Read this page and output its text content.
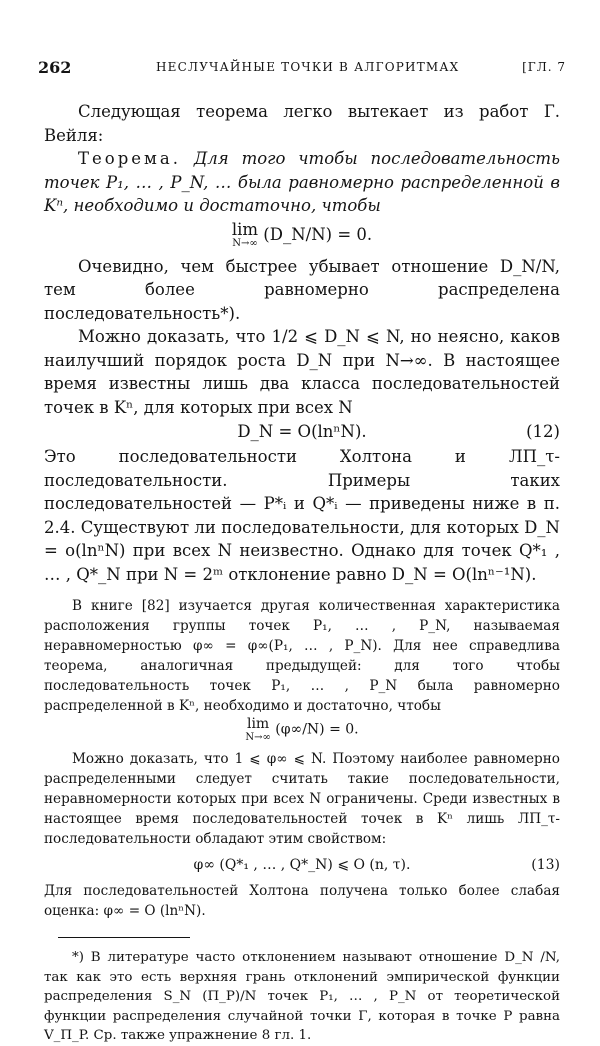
262	НЕСЛУЧАЙНЫЕ ТОЧКИ В АЛГОРИТМАХ	[ГЛ. 7

Следующая теорема легко вытекает из работ Г. Вейля:

Теорема. Для того чтобы последовательность точек P₁, … , P_N, … была равномерно распределенной в Kⁿ, необходимо и достаточно, чтобы

lim
N→∞ (D_N/N) = 0.

Очевидно, чем быстрее убывает отношение D_N/N, тем более равномерно распределена последовательность*).

Можно доказать, что 1/2 ⩽ D_N ⩽ N, но неясно, каков наилучший порядок роста D_N при N→∞. В настоящее время известны лишь два класса последовательностей точек в Kⁿ, для которых при всех N

D_N = O(lnⁿN).	(12)

Это последовательности Холтона и ЛП_τ-последовательности. Примеры таких последовательностей — P*ᵢ и Q*ᵢ — приведены ниже в п. 2.4. Существуют ли последовательности, для которых D_N = o(lnⁿN) при всех N неизвестно. Однако для точек Q*₁ , … , Q*_N при N = 2ᵐ отклонение равно D_N = O(lnⁿ⁻¹N).

В книге [82] изучается другая количественная характеристика расположения группы точек P₁, … , P_N, называемая неравномерностью φ∞ = φ∞(P₁, … , P_N). Для нее справедлива теорема, аналогичная предыдущей: для того чтобы последовательность точек P₁, … , P_N была равномерно распределенной в Kⁿ, необходимо и достаточно, чтобы

lim
N→∞ (φ∞/N) = 0.

Можно доказать, что 1 ⩽ φ∞ ⩽ N. Поэтому наиболее равномерно распределенными следует считать такие последовательности, неравномерности которых при всех N ограничены. Среди известных в настоящее время последовательностей точек в Kⁿ лишь ЛП_τ-последовательности обладают этим свойством:

φ∞ (Q*₁ , … , Q*_N) ⩽ O (n, τ).	(13)

Для последовательностей Холтона получена только более слабая оценка: φ∞ = O (lnⁿN).

*) В литературе часто отклонением называют отношение D_N /N, так как это есть верхняя грань отклонений эмпирической функции распределения S_N (Π_P)/N точек P₁, … , P_N от теоретической функции распределения случайной точки Γ, которая в точке P равна V_Π_P. Ср. также упражнение 8 гл. 1.
